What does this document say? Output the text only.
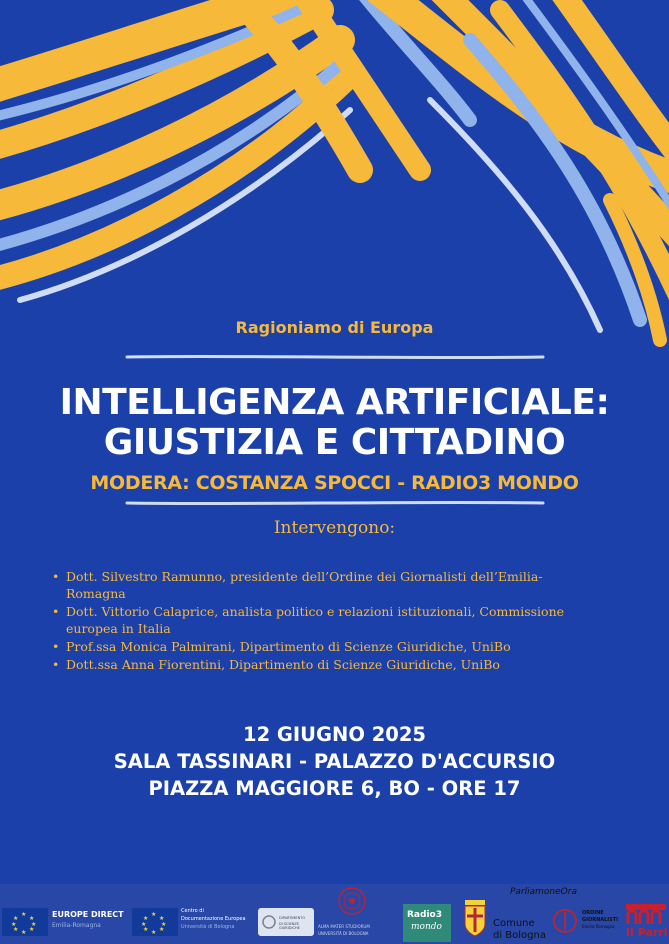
Ragioniamo di Europa
INTELLIGENZA ARTIFICIALE:
GIUSTIZIA E CITTADINO
MODERA: COSTANZA SPOCCI - RADIO3 MONDO
Intervengono:
• Dott. Silvestro Ramunno, presidente dell’Ordine dei Giornalisti dell’Emilia-
Romagna
• Dott. Vittorio Calaprice, analista politico e relazioni istituzionali, Commissione
europea in Italia
• Prof.ssa Monica Palmirani, Dipartimento di Scienze Giuridiche, UniBo
• Dott.ssa Anna Fiorentini, Dipartimento di Scienze Giuridiche, UniBo
12 GIUGNO 2025
SALA TASSINARI - PALAZZO D'ACCURSIO
PIAZZA MAGGIORE 6, BO - ORE 17
★
★
★
★
★
★
★
★	EUROPE DIRECT
Emilia-Romagna
★
★
★
★
★
★
★
★
Centro di
Documentazione Europea
Università di Bologna
DIPARTIMENTO
DI SCIENZE GIURIDICHE	ALMA MATER STUDIORUM
UNIVERSITÀ DI BOLOGNA
Radio3
mondo
ParliamoneOra
Comune
di Bologna
ORDINE
GIORNALISTI
Emilia-Romagna Il Parri
